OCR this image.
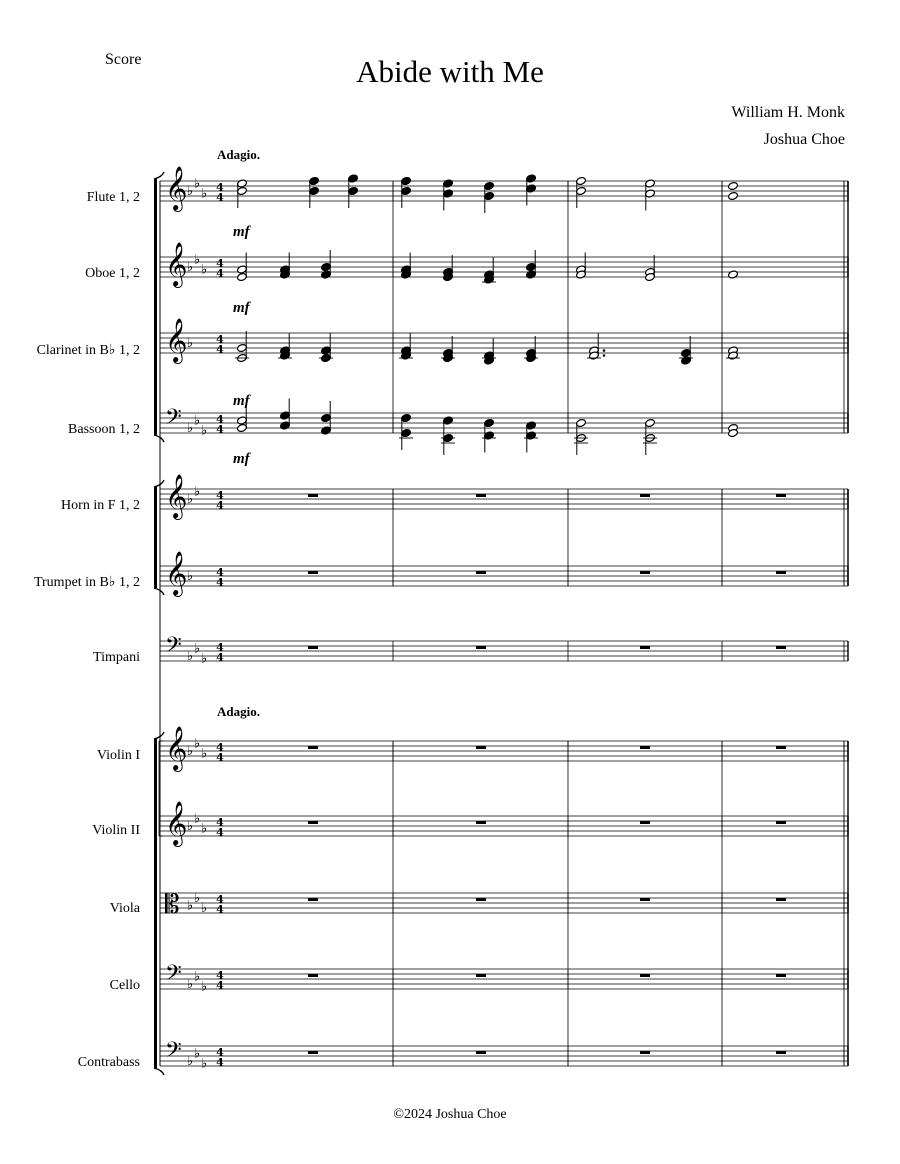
Score	Abide with Me
William H. Monk
Joshua Choe
Adagio.
Adagio.
Flute 1, 2
Oboe 1, 2
Clarinet in B♭ 1, 2
Bassoon 1, 2
Horn in F 1, 2
Trumpet in B♭ 1, 2
Timpani
Violin I
Violin II
Viola
Cello
Contrabass
𝄞 ♭ ♭
♭ 4
4
𝄞 ♭ ♭
♭ 4
4
𝄞 ♭ 4
4
𝄢 ♭ ♭
♭
4
4
𝄞 ♭ ♭ 4
4
𝄞 ♭ 4
4
𝄢 ♭ ♭
♭
4
4
𝄞 ♭ ♭
♭ 4
4
𝄞 ♭ ♭
♭ 4
4
𝄡 ♭ ♭
♭
4
4
𝄢 ♭ ♭
♭
4
4
𝄢 ♭ ♭
♭
4
4
mf
mf
mf
mf
©2024 Joshua Choe
